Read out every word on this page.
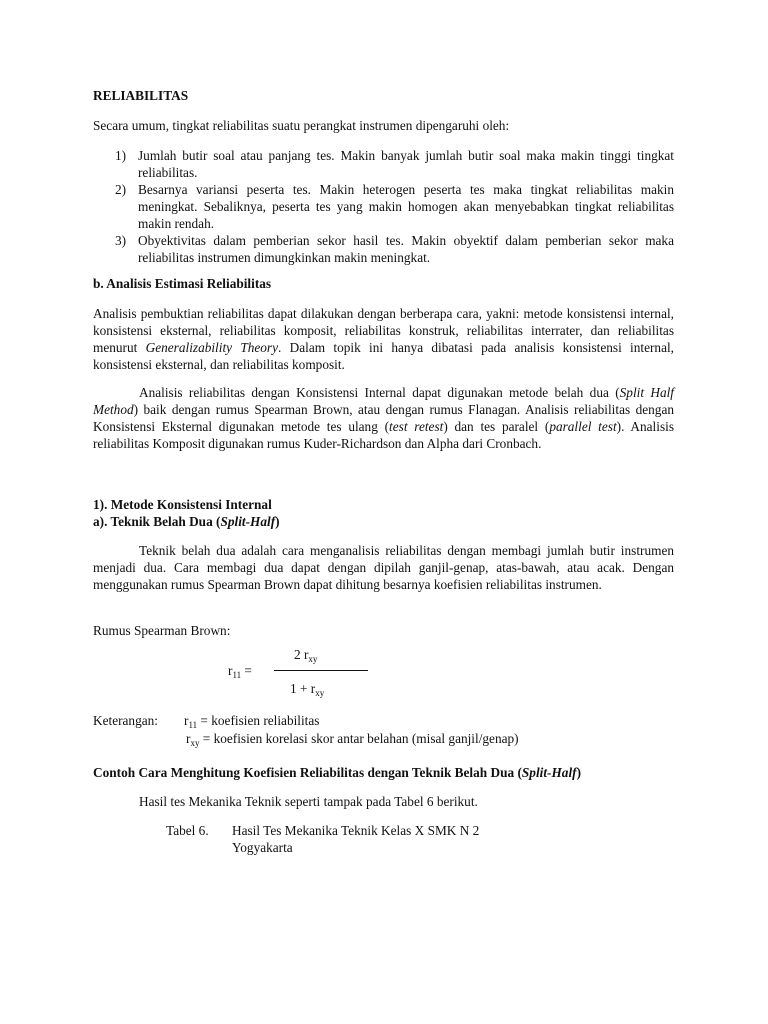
RELIABILITAS

Secara umum, tingkat reliabilitas suatu perangkat instrumen dipengaruhi oleh:

1) Jumlah butir soal atau panjang tes. Makin banyak jumlah butir soal maka makin tinggi tingkat reliabilitas.
2) Besarnya variansi peserta tes. Makin heterogen peserta tes maka tingkat reliabilitas makin meningkat. Sebaliknya, peserta tes yang makin homogen akan menyebabkan tingkat reliabilitas makin rendah.
3) Obyektivitas dalam pemberian sekor hasil tes. Makin obyektif dalam pemberian sekor maka reliabilitas instrumen dimungkinkan makin meningkat.

b. Analisis Estimasi Reliabilitas

Analisis pembuktian reliabilitas dapat dilakukan dengan berberapa cara, yakni: metode konsistensi internal, konsistensi eksternal, reliabilitas komposit, reliabilitas konstruk, reliabilitas interrater, dan reliabilitas menurut Generalizability Theory. Dalam topik ini hanya dibatasi pada analisis konsistensi internal, konsistensi eksternal, dan reliabilitas komposit.

Analisis reliabilitas dengan Konsistensi Internal dapat digunakan metode belah dua (Split Half Method) baik dengan rumus Spearman Brown, atau dengan rumus Flanagan. Analisis reliabilitas dengan Konsistensi Eksternal digunakan metode tes ulang (test retest) dan tes paralel (parallel test). Analisis reliabilitas Komposit digunakan rumus Kuder-Richardson dan Alpha dari Cronbach.

1). Metode Konsistensi Internal

a). Teknik Belah Dua (Split-Half)

Teknik belah dua adalah cara menganalisis reliabilitas dengan membagi jumlah butir instrumen menjadi dua. Cara membagi dua dapat dengan dipilah ganjil-genap, atas-bawah, atau acak. Dengan menggunakan rumus Spearman Brown dapat dihitung besarnya koefisien reliabilitas instrumen.

Rumus Spearman Brown:

$r_{11}$ =
2 $r_{xy}$
$1 + r_{xy}$
Keterangan: $r_{11}$ = koefisien reliabilitas
$r_{xy}$ = koefisien korelasi skor antar belahan (misal ganjil/genap)

Contoh Cara Menghitung Koefisien Reliabilitas dengan Teknik Belah Dua (Split-Half)

Hasil tes Mekanika Teknik seperti tampak pada Tabel 6 berikut.
Tabel 6. Hasil Tes Mekanika Teknik Kelas X SMK N 2
Yogyakarta
